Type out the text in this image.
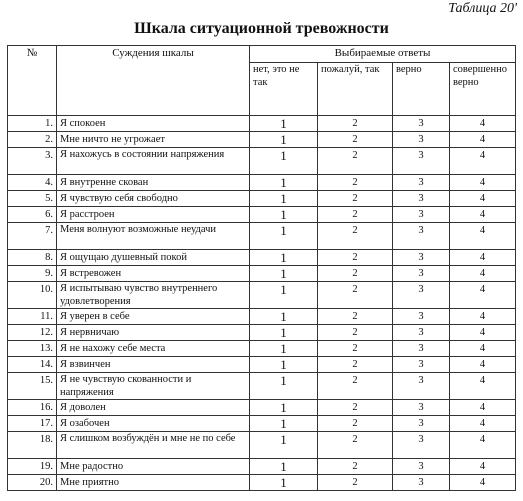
Таблица 20'
Шкала ситуационной тревожности
№	Суждения шкалы	Выбираемые ответы			
		нет, это не так	пожалуй, так	верно	совершенно верно
1.	Я спокоен	1	2	3	4
2.	Мне ничто не угрожает	1	2	3	4
3.	Я нахожусь в состоянии напряжения	1	2	3	4
4.	Я внутренне скован	1	2	3	4
5.	Я чувствую себя свободно	1	2	3	4
6.	Я расстроен	1	2	3	4
7.	Меня волнуют возможные неудачи	1	2	3	4
8.	Я ощущаю душевный покой	1	2	3	4
9.	Я встревожен	1	2	3	4
10.	Я испытываю чувство внутреннего удовлетворения	1	2	3	4
11.	Я уверен в себе	1	2	3	4
12.	Я нервничаю	1	2	3	4
13.	Я не нахожу себе места	1	2	3	4
14.	Я взвинчен	1	2	3	4
15.	Я не чувствую скованности и напряжения	1	2	3	4
16.	Я доволен	1	2	3	4
17.	Я озабочен	1	2	3	4
18.	Я слишком возбуждён и мне не по себе	1	2	3	4
19.	Мне радостно	1	2	3	4
20.	Мне приятно	1	2	3	4
